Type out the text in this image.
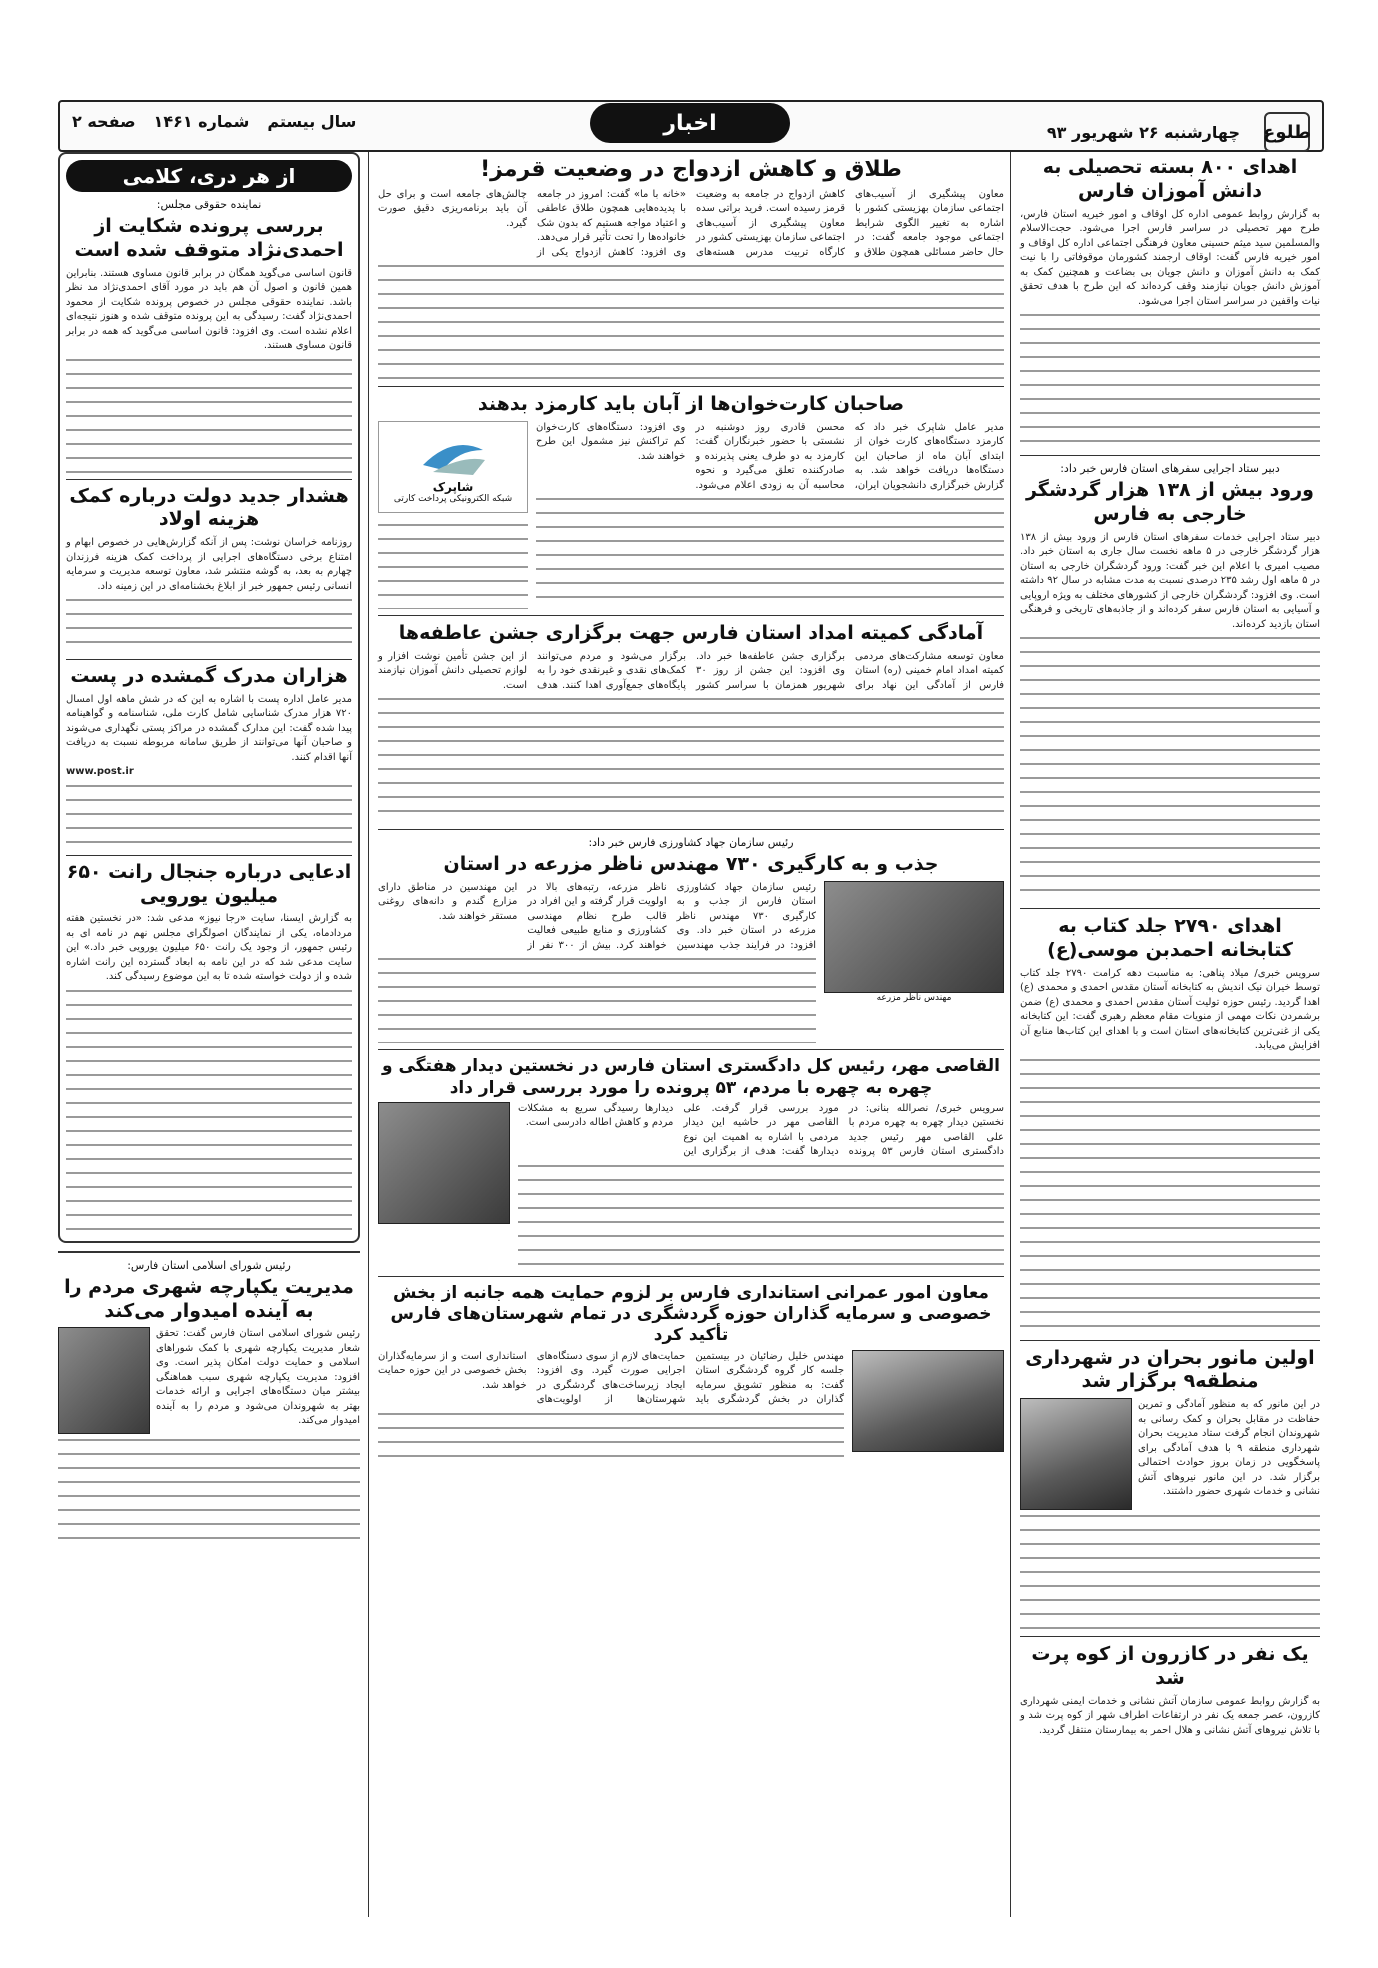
طلوع
چهارشنبه ۲۶ شهریور ۹۳
سال بیستم
شماره ۱۴۶۱
صفحه ۲	اخبار
اهدای ۸۰۰ بسته تحصیلی به دانش آموزان فارس

به گزارش روابط عمومی اداره کل اوقاف و امور خیریه استان فارس، طرح مهر تحصیلی در سراسر فارس اجرا می‌شود. حجت‌الاسلام والمسلمین سید میثم حسینی معاون فرهنگی اجتماعی اداره کل اوقاف و امور خیریه فارس گفت: اوقاف ارجمند کشورمان موقوفاتی را با نیت کمک به دانش آموزان و دانش جویان بی بضاعت و همچنین کمک به آموزش دانش جویان نیازمند وقف کرده‌اند که این طرح با هدف تحقق نیات واقفین در سراسر استان اجرا می‌شود.

دبیر ستاد اجرایی سفرهای استان فارس خبر داد:
ورود بیش از ۱۳۸ هزار گردشگر خارجی به فارس

دبیر ستاد اجرایی خدمات سفرهای استان فارس از ورود بیش از ۱۳۸ هزار گردشگر خارجی در ۵ ماهه نخست سال جاری به استان خبر داد. مصیب امیری با اعلام این خبر گفت: ورود گردشگران خارجی به استان در ۵ ماهه اول رشد ۲۳۵ درصدی نسبت به مدت مشابه در سال ۹۲ داشته است. وی افزود: گردشگران خارجی از کشورهای مختلف به ویژه اروپایی و آسیایی به استان فارس سفر کرده‌اند و از جاذبه‌های تاریخی و فرهنگی استان بازدید کرده‌اند.

اهدای ۲۷۹۰ جلد کتاب به کتابخانه احمدبن موسی(ع)

سرویس خبری/ میلاد پناهی: به مناسبت دهه کرامت ۲۷۹۰ جلد کتاب توسط خیران نیک اندیش به کتابخانه آستان مقدس احمدی و محمدی (ع) اهدا گردید. رئیس حوزه تولیت آستان مقدس احمدی و محمدی (ع) ضمن برشمردن نکات مهمی از منویات مقام معظم رهبری گفت: این کتابخانه یکی از غنی‌ترین کتابخانه‌های استان است و با اهدای این کتاب‌ها منابع آن افزایش می‌یابد.

اولین مانور بحران در شهرداری منطقه۹ برگزار شد

در این مانور که به منظور آمادگی و تمرین حفاظت در مقابل بحران و کمک رسانی به شهروندان انجام گرفت ستاد مدیریت بحران شهرداری منطقه ۹ با هدف آمادگی برای پاسخگویی در زمان بروز حوادث احتمالی برگزار شد. در این مانور نیروهای آتش نشانی و خدمات شهری حضور داشتند.

یک نفر در کازرون از کوه پرت شد

به گزارش روابط عمومی سازمان آتش نشانی و خدمات ایمنی شهرداری کازرون، عصر جمعه یک نفر در ارتفاعات اطراف شهر از کوه پرت شد و با تلاش نیروهای آتش نشانی و هلال احمر به بیمارستان منتقل گردید.

طلاق و کاهش ازدواج در وضعیت قرمز!

معاون پیشگیری از آسیب‌های اجتماعی سازمان بهزیستی کشور با اشاره به تغییر الگوی شرایط اجتماعی موجود جامعه گفت: در حال حاضر مسائلی همچون طلاق و کاهش ازدواج در جامعه به وضعیت قرمز رسیده است. فرید براتی سده معاون پیشگیری از آسیب‌های اجتماعی سازمان بهزیستی کشور در کارگاه تربیت مدرس هسته‌های «خانه با ما» گفت: امروز در جامعه با پدیده‌هایی همچون طلاق عاطفی و اعتیاد مواجه هستیم که بدون شک خانواده‌ها را تحت تأثیر قرار می‌دهد. وی افزود: کاهش ازدواج یکی از چالش‌های جامعه است و برای حل آن باید برنامه‌ریزی دقیق صورت گیرد.

صاحبان کارت‌خوان‌ها از آبان باید کارمزد بدهند

مدیر عامل شاپرک خبر داد که کارمزد دستگاه‌های کارت خوان از ابتدای آبان ماه از صاحبان این دستگاه‌ها دریافت خواهد شد. به گزارش خبرگزاری دانشجویان ایران، محسن قادری روز دوشنبه در نشستی با حضور خبرنگاران گفت: کارمزد به دو طرف یعنی پذیرنده و صادرکننده تعلق می‌گیرد و نحوه محاسبه آن به زودی اعلام می‌شود. وی افزود: دستگاه‌های کارت‌خوان کم تراکنش نیز مشمول این طرح خواهند شد.

شاپرک
شبکه الکترونیکی پرداخت کارتی
آمادگی کمیته امداد استان فارس جهت برگزاری جشن عاطفه‌ها

معاون توسعه مشارکت‌های مردمی کمیته امداد امام خمینی (ره) استان فارس از آمادگی این نهاد برای برگزاری جشن عاطفه‌ها خبر داد. وی افزود: این جشن از روز ۳۰ شهریور همزمان با سراسر کشور برگزار می‌شود و مردم می‌توانند کمک‌های نقدی و غیرنقدی خود را به پایگاه‌های جمع‌آوری اهدا کنند. هدف از این جشن تأمین نوشت افزار و لوازم تحصیلی دانش آموزان نیازمند است.

رئیس سازمان جهاد کشاورزی فارس خبر داد:
جذب و به کارگیری ۷۳۰ مهندس ناظر مزرعه در استان
مهندس ناظر مزرعه

رئیس سازمان جهاد کشاورزی استان فارس از جذب و به کارگیری ۷۳۰ مهندس ناظر مزرعه در استان خبر داد. وی افزود: در فرایند جذب مهندسین ناظر مزرعه، رتبه‌های بالا در اولویت قرار گرفته و این افراد در قالب طرح نظام مهندسی کشاورزی و منابع طبیعی فعالیت خواهند کرد. بیش از ۳۰۰ نفر از این مهندسین در مناطق دارای مزارع گندم و دانه‌های روغنی مستقر خواهند شد.

القاصی مهر، رئیس کل دادگستری استان فارس در نخستین دیدار هفتگی و چهره به چهره با مردم، ۵۳ پرونده را مورد بررسی قرار داد

سرویس خبری/ نصرالله بنانی: در نخستین دیدار چهره به چهره مردم با علی القاصی مهر رئیس جدید دادگستری استان فارس ۵۳ پرونده مورد بررسی قرار گرفت. علی القاصی مهر در حاشیه این دیدار مردمی با اشاره به اهمیت این نوع دیدارها گفت: هدف از برگزاری این دیدارها رسیدگی سریع به مشکلات مردم و کاهش اطاله دادرسی است.

معاون امور عمرانی استانداری فارس بر لزوم حمایت همه جانبه از بخش خصوصی و سرمایه گذاران حوزه گردشگری در تمام شهرستان‌های فارس تأکید کرد

مهندس خلیل رضائیان در بیستمین جلسه کار گروه گردشگری استان گفت: به منظور تشویق سرمایه گذاران در بخش گردشگری باید حمایت‌های لازم از سوی دستگاه‌های اجرایی صورت گیرد. وی افزود: ایجاد زیرساخت‌های گردشگری در شهرستان‌ها از اولویت‌های استانداری است و از سرمایه‌گذاران بخش خصوصی در این حوزه حمایت خواهد شد.

از هر دری، کلامی
نماینده حقوقی مجلس:
بررسی پرونده شکایت از احمدی‌نژاد متوقف شده است

قانون اساسی می‌گوید همگان در برابر قانون مساوی هستند. بنابراین همین قانون و اصول آن هم باید در مورد آقای احمدی‌نژاد مد نظر باشد. نماینده حقوقی مجلس در خصوص پرونده شکایت از محمود احمدی‌نژاد گفت: رسیدگی به این پرونده متوقف شده و هنوز نتیجه‌ای اعلام نشده است. وی افزود: قانون اساسی می‌گوید که همه در برابر قانون مساوی هستند.

هشدار جدید دولت درباره کمک هزینه اولاد

روزنامه خراسان نوشت: پس از آنکه گزارش‌هایی در خصوص ابهام و امتناع برخی دستگاه‌های اجرایی از پرداخت کمک هزینه فرزندان چهارم به بعد، به گوشه منتشر شد، معاون توسعه مدیریت و سرمایه انسانی رئیس جمهور خبر از ابلاغ بخشنامه‌ای در این زمینه داد.

هزاران مدرک گمشده در پست

مدیر عامل اداره پست با اشاره به این که در شش ماهه اول امسال ۷۲۰ هزار مدرک شناسایی شامل کارت ملی، شناسنامه و گواهینامه پیدا شده گفت: این مدارک گمشده در مراکز پستی نگهداری می‌شوند و صاحبان آنها می‌توانند از طریق سامانه مربوطه نسبت به دریافت آنها اقدام کنند.

www.post.ir
ادعایی درباره جنجال رانت ۶۵۰ میلیون یورویی

به گزارش ایسنا، سایت «رجا نیوز» مدعی شد: «در نخستین هفته مردادماه، یکی از نمایندگان اصولگرای مجلس نهم در نامه ای به رئیس جمهور، از وجود یک رانت ۶۵۰ میلیون یورویی خبر داد.» این سایت مدعی شد که در این نامه به ابعاد گسترده این رانت اشاره شده و از دولت خواسته شده تا به این موضوع رسیدگی کند.

رئیس شورای اسلامی استان فارس:
مدیریت یکپارچه شهری مردم را به آینده امیدوار می‌کند

رئیس شورای اسلامی استان فارس گفت: تحقق شعار مدیریت یکپارچه شهری با کمک شوراهای اسلامی و حمایت دولت امکان پذیر است. وی افزود: مدیریت یکپارچه شهری سبب هماهنگی بیشتر میان دستگاه‌های اجرایی و ارائه خدمات بهتر به شهروندان می‌شود و مردم را به آینده امیدوار می‌کند.
